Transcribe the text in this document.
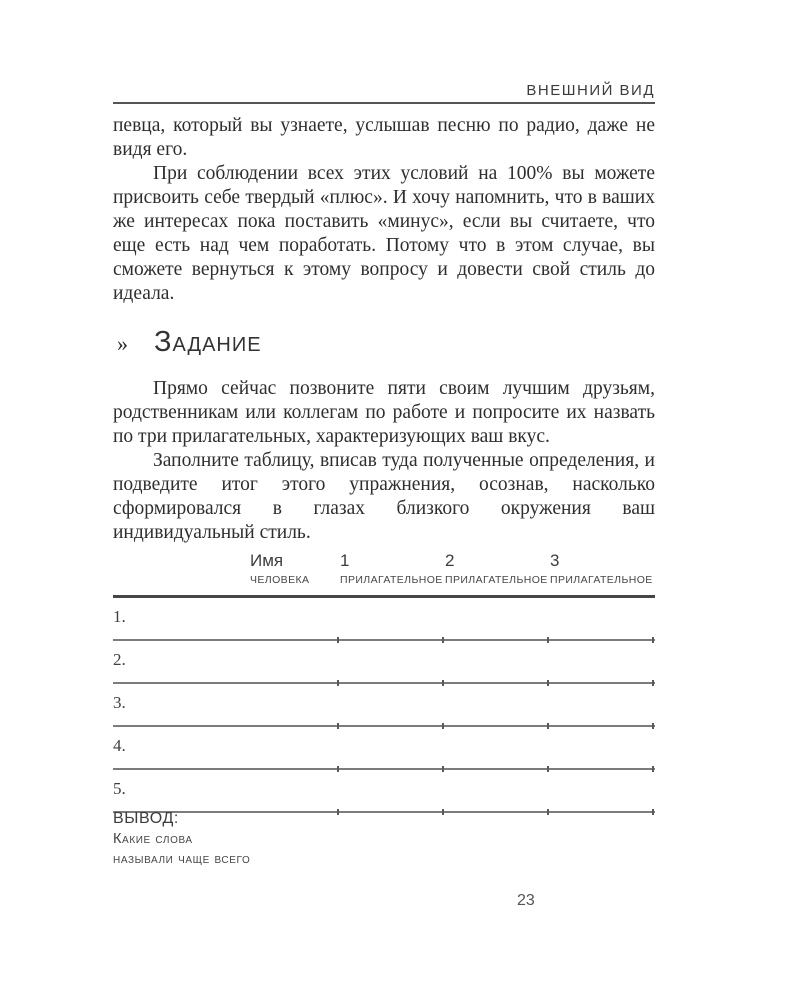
ВНЕШНИЙ ВИД

певца, который вы узнаете, услышав песню по радио, даже не видя его.

При соблюдении всех этих условий на 100% вы можете присвоить себе твердый «плюс». И хочу напомнить, что в ваших же интересах пока поставить «минус», если вы считаете, что еще есть над чем поработать. Потому что в этом случае, вы сможете вернуться к этому вопросу и довести свой стиль до идеала.

» Задание

Прямо сейчас позвоните пяти своим лучшим друзьям, родственникам или коллегам по работе и попросите их назвать по три прилагательных, характеризующих ваш вкус.

Заполните таблицу, вписав туда полученные определения, и подведите итог этого упражнения, осознав, насколько сформировался в глазах близкого окружения ваш индивидуальный стиль.

Имя
ЧЕЛОВЕКА
1
ПРИЛАГАТЕЛЬНОЕ
2
ПРИЛАГАТЕЛЬНОЕ
3
ПРИЛАГАТЕЛЬНОЕ
1.
2.
3.
4.
5.
ВЫВОД:
Какие слова
называли чаще всего
23
